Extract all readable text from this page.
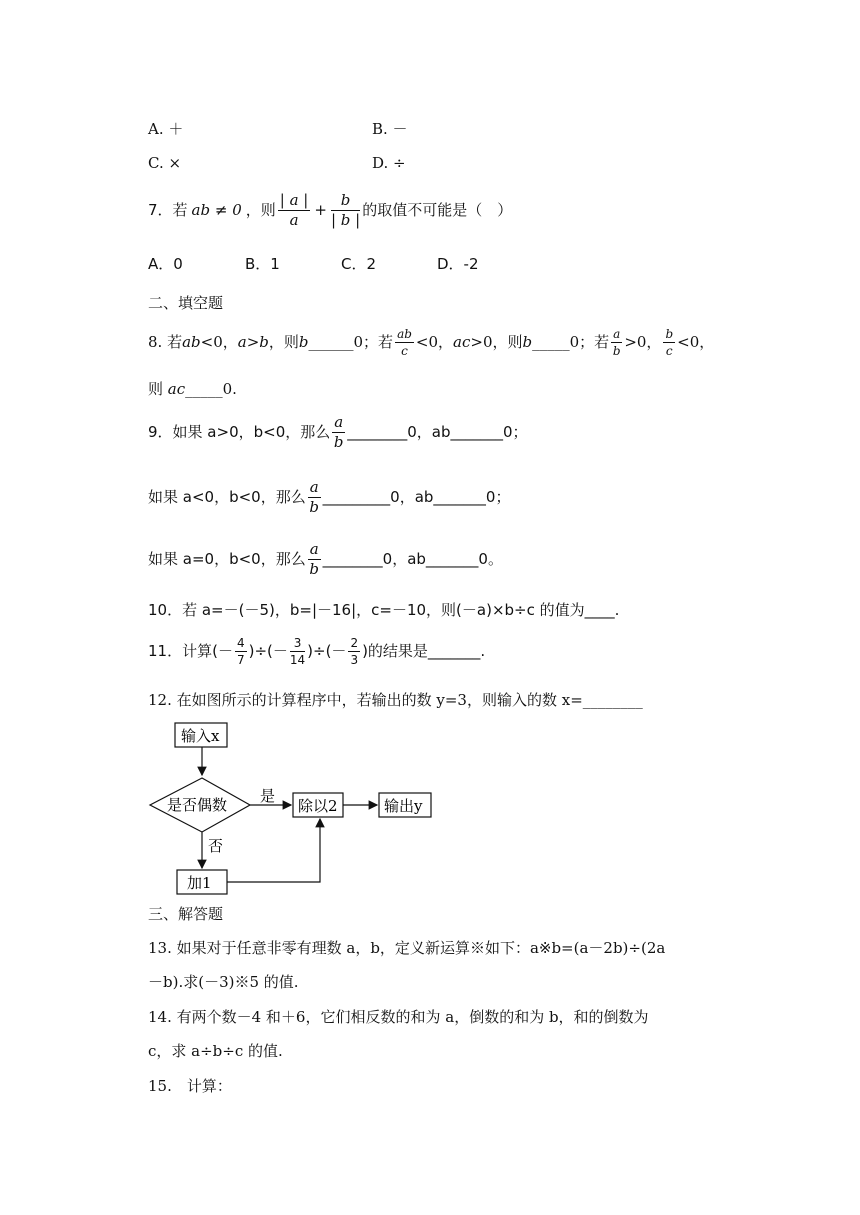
A. ＋	B. －
C. ×	D. ÷
7．若 ab ≠ 0 ，则 $\frac{| a |}{a} + \frac{b}{| b |}$ 的取值不可能是（　）
A．0	B．1	C．2	D．-2
二、填空题
8. 若 ab <0， a>b ，则 b ______0；若 $\frac{ab}{c} <0$， ac >0，则 b _____0；若 $\frac{a}{b} >0$， $\frac{b}{c} <0$，
则 ac_____0.
9．如果 a>0，b<0，那么 $\frac{a}{b}$ ________0，ab_______0；
如果 a<0，b<0，那么 $\frac{a}{b}$ _________0，ab_______0；
如果 a=0，b<0，那么 $\frac{a}{b}$ ________0，ab_______0。
10．若 a=－(－5)，b=|－16|，c=－10，则(－a)×b÷c 的值为____.
11．计算(－ $\frac{4}{7}$ )÷(－ $\frac{3}{14}$ )÷(－ $\frac{2}{3}$ )的结果是_______.
12. 在如图所示的计算程序中，若输出的数 y=3，则输入的数 x=________
输入x
是否偶数 是
除以2	输出y
否
加1
三、解答题
13. 如果对于任意非零有理数 a，b，定义新运算※如下：a※b=(a－2b)÷(2a
－b).求(－3)※5 的值.
14. 有两个数－4 和＋6，它们相反数的和为 a，倒数的和为 b，和的倒数为
c，求 a÷b÷c 的值.
15.　计算：
